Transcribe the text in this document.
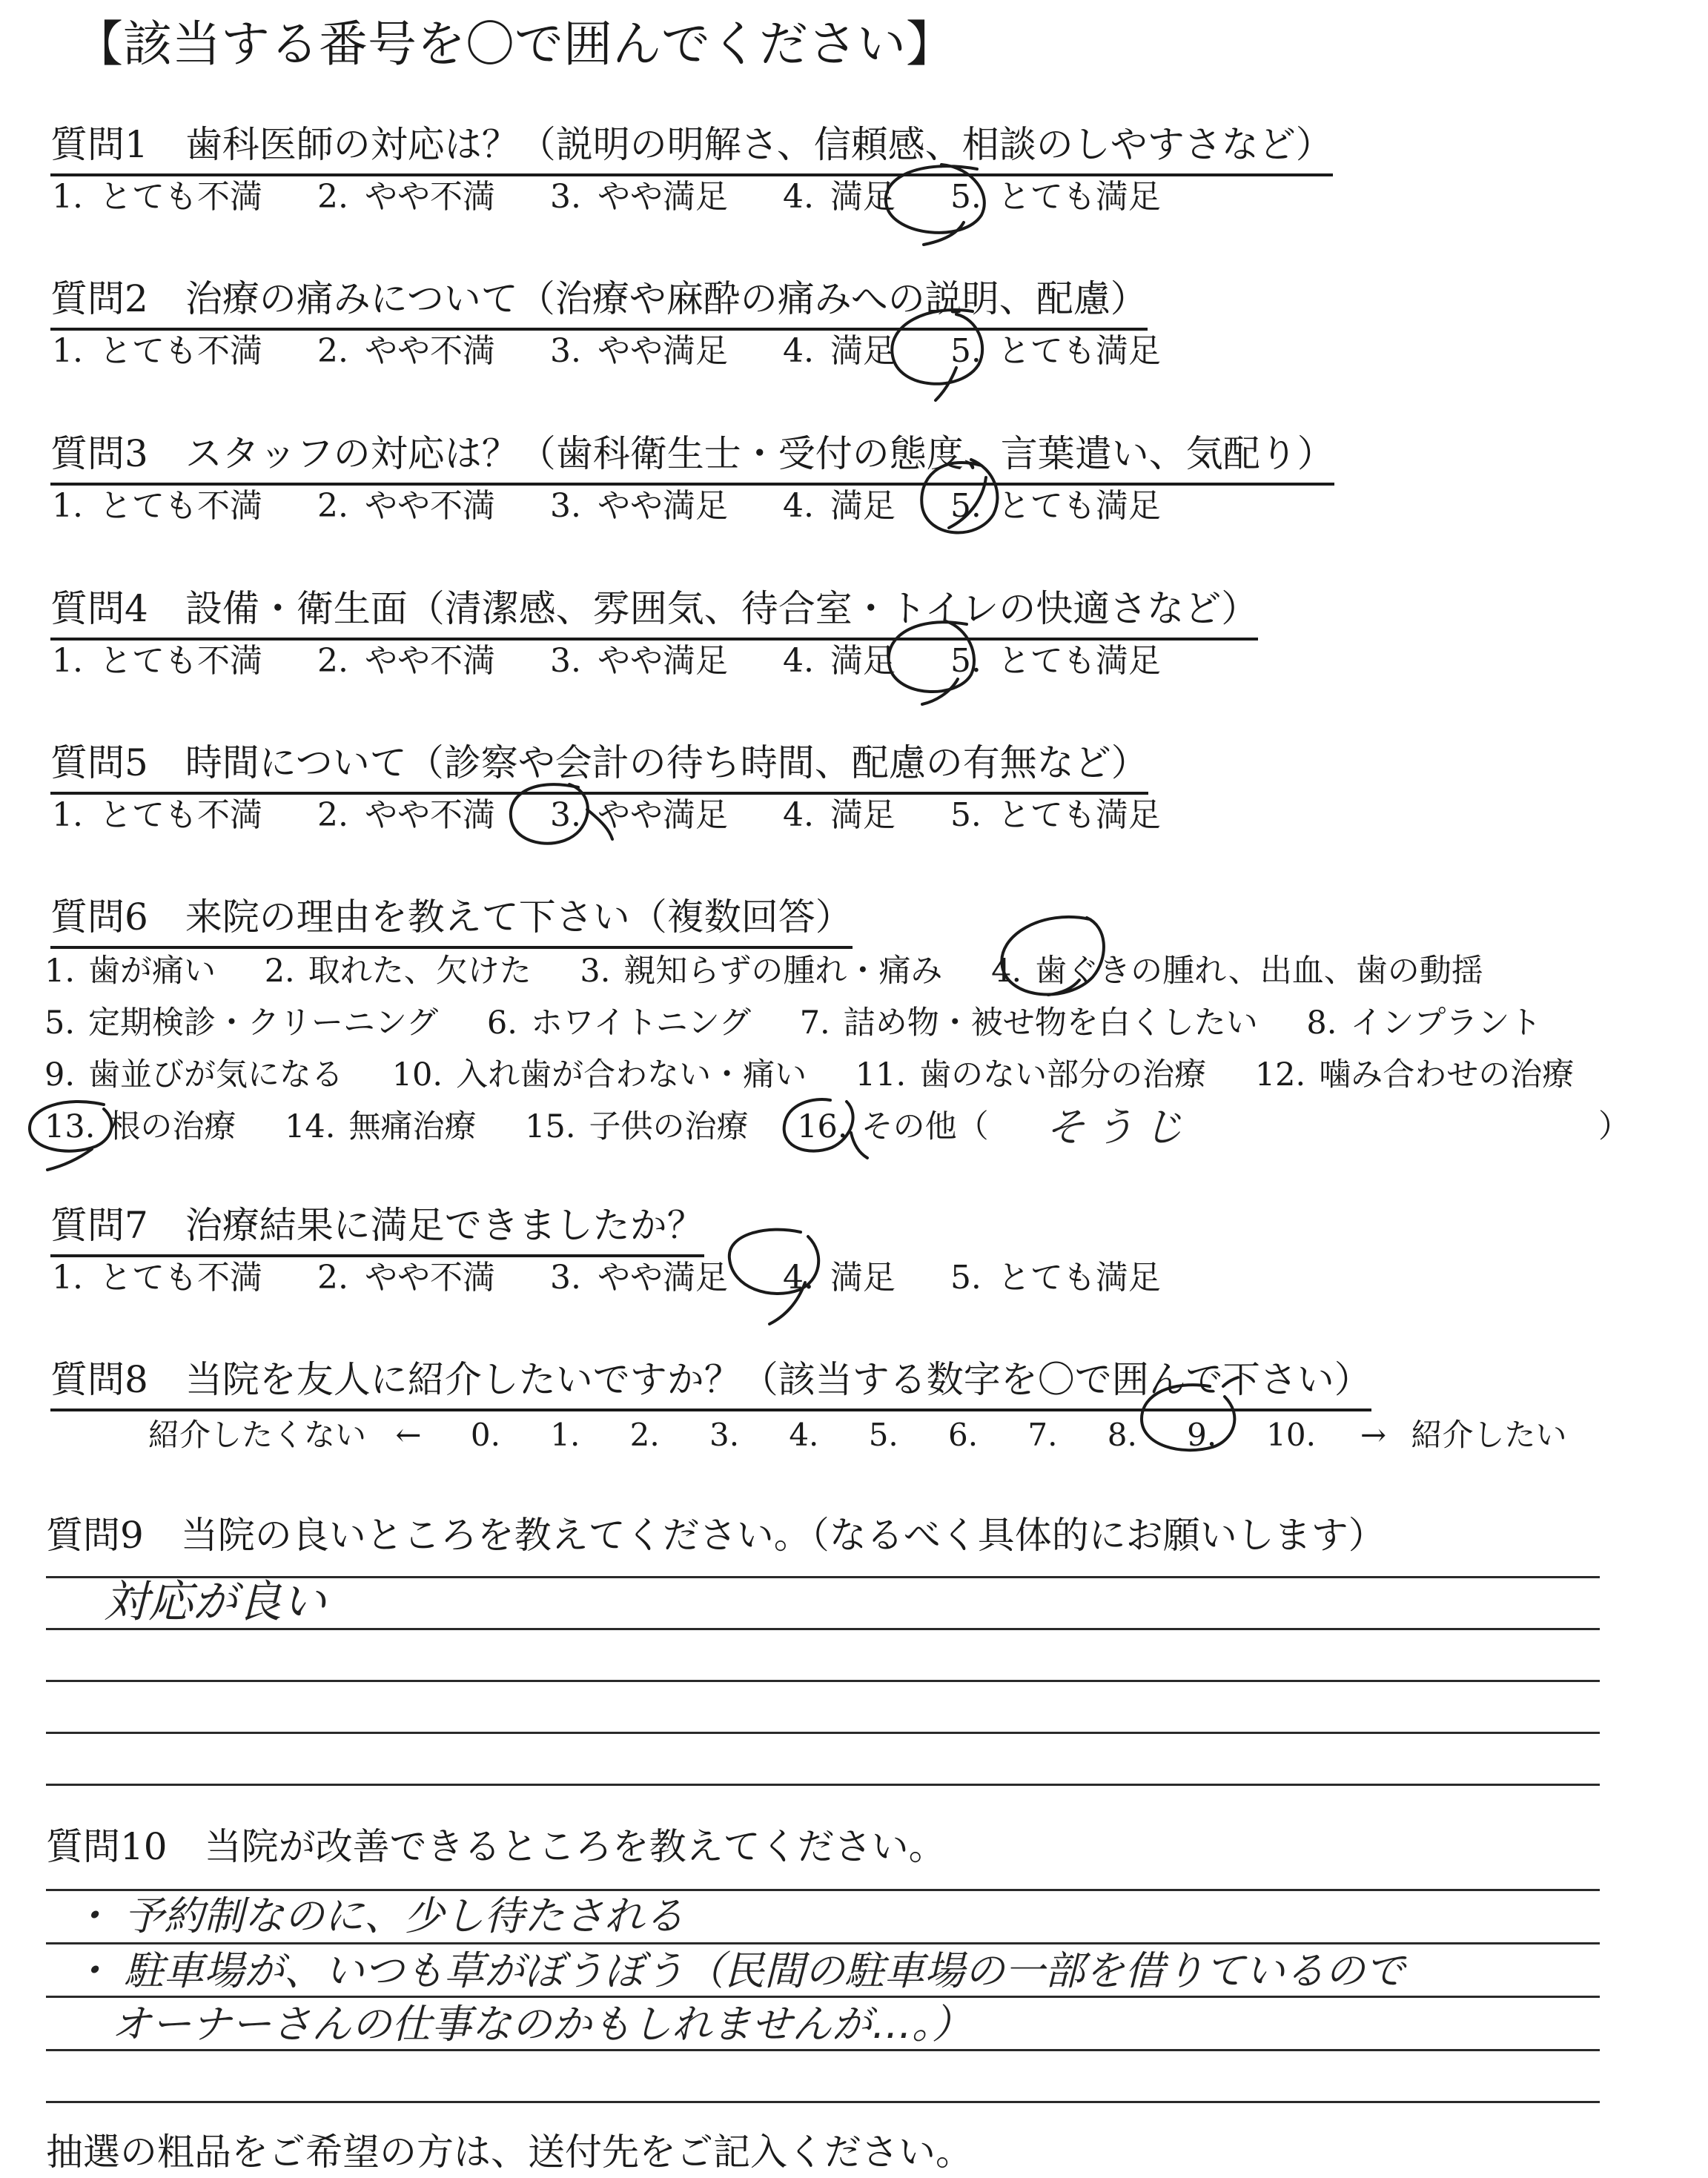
【該当する番号を〇で囲んでください】
質問1　 歯科医師の対応は？（説明の明解さ、信頼感、相談のしやすさなど）
1. とても不満 2. やや不満 3. やや満足 4. 満足 5. とても満足
質問2　 治療の痛みについて（治療や麻酔の痛みへの説明、配慮）
1. とても不満 2. やや不満 3. やや満足 4. 満足 5. とても満足
質問3　 スタッフの対応は？（歯科衛生士・受付の態度、言葉遣い、気配り）
1. とても不満 2. やや不満 3. やや満足 4. 満足 5. とても満足
質問4　 設備・衛生面（清潔感、雰囲気、待合室・トイレの快適さなど）
1. とても不満 2. やや不満 3. やや満足 4. 満足 5. とても満足
質問5　 時間について（診察や会計の待ち時間、配慮の有無など）
1. とても不満 2. やや不満 3. やや満足 4. 満足 5. とても満足
質問6　 来院の理由を教えて下さい（複数回答）
1. 歯が痛い 2. 取れた、欠けた 3. 親知らずの腫れ・痛み 4. 歯ぐきの腫れ、出血、歯の動揺
5. 定期検診・クリーニング 6. ホワイトニング 7. 詰め物・被せ物を白くしたい 8. インプラント
9. 歯並びが気になる 10. 入れ歯が合わない・痛い 11. 歯のない部分の治療 12. 噛み合わせの治療
13. 根の治療 14. 無痛治療 15. 子供の治療 16. その他（	そうじ	）
質問7　 治療結果に満足できましたか？
1. とても不満 2. やや不満 3. やや満足 4. 満足 5. とても満足
質問8　 当院を友人に紹介したいですか？（該当する数字を〇で囲んで下さい）
紹介したくない ← 0. 1. 2. 3. 4. 5. 6. 7. 8. 9. 10. → 紹介したい
質問9　 当院の良いところを教えてください。（なるべく具体的にお願いします）
対応が良い
質問10　 当院が改善できるところを教えてください。
・ 予約制なのに、少し待たされる
・ 駐車場が、いつも草がぼうぼう（民間の駐車場の一部を借りているので
オーナーさんの仕事なのかもしれませんが…。）
抽選の粗品をご希望の方は、送付先をご記入ください。
